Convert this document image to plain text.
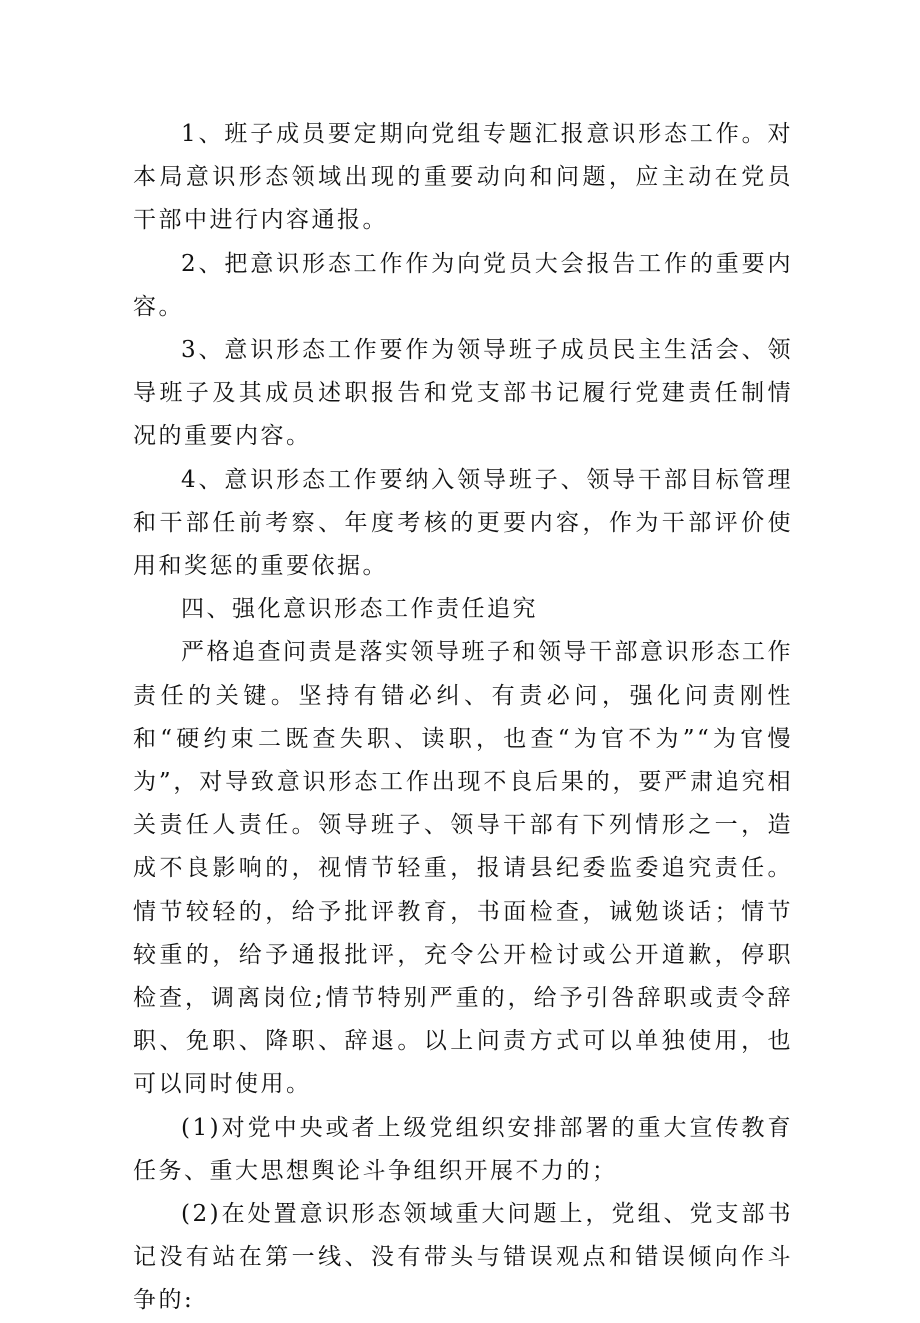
1、班子成员要定期向党组专题汇报意识形态工作。对本局意识形态领域出现的重要动向和问题，应主动在党员干部中进行内容通报。

2、把意识形态工作作为向党员大会报告工作的重要内容。

3、意识形态工作要作为领导班子成员民主生活会、领导班子及其成员述职报告和党支部书记履行党建责任制情况的重要内容。

4、意识形态工作要纳入领导班子、领导干部目标管理和干部任前考察、年度考核的更要内容，作为干部评价使用和奖惩的重要依据。

四、强化意识形态工作责任追究

严格追查问责是落实领导班子和领导干部意识形态工作责任的关键。坚持有错必纠、有责必问，强化问责刚性和“硬约束二既查失职、读职，也查“为官不为”“为官慢为”，对导致意识形态工作出现不良后果的，要严肃追究相关责任人责任。领导班子、领导干部有下列情形之一，造成不良影响的，视情节轻重，报请县纪委监委追究责任。情节较轻的，给予批评教育，书面检查，诫勉谈话；情节较重的，给予通报批评，充令公开检讨或公开道歉，停职检查，调离岗位;情节特别严重的，给予引咎辞职或责令辞职、免职、降职、辞退。以上问责方式可以单独使用，也可以同时使用。

(1)对党中央或者上级党组织安排部署的重大宣传教育任务、重大思想舆论斗争组织开展不力的；

(2)在处置意识形态领域重大问题上，党组、党支部书记没有站在第一线、没有带头与错误观点和错误倾向作斗争的:
